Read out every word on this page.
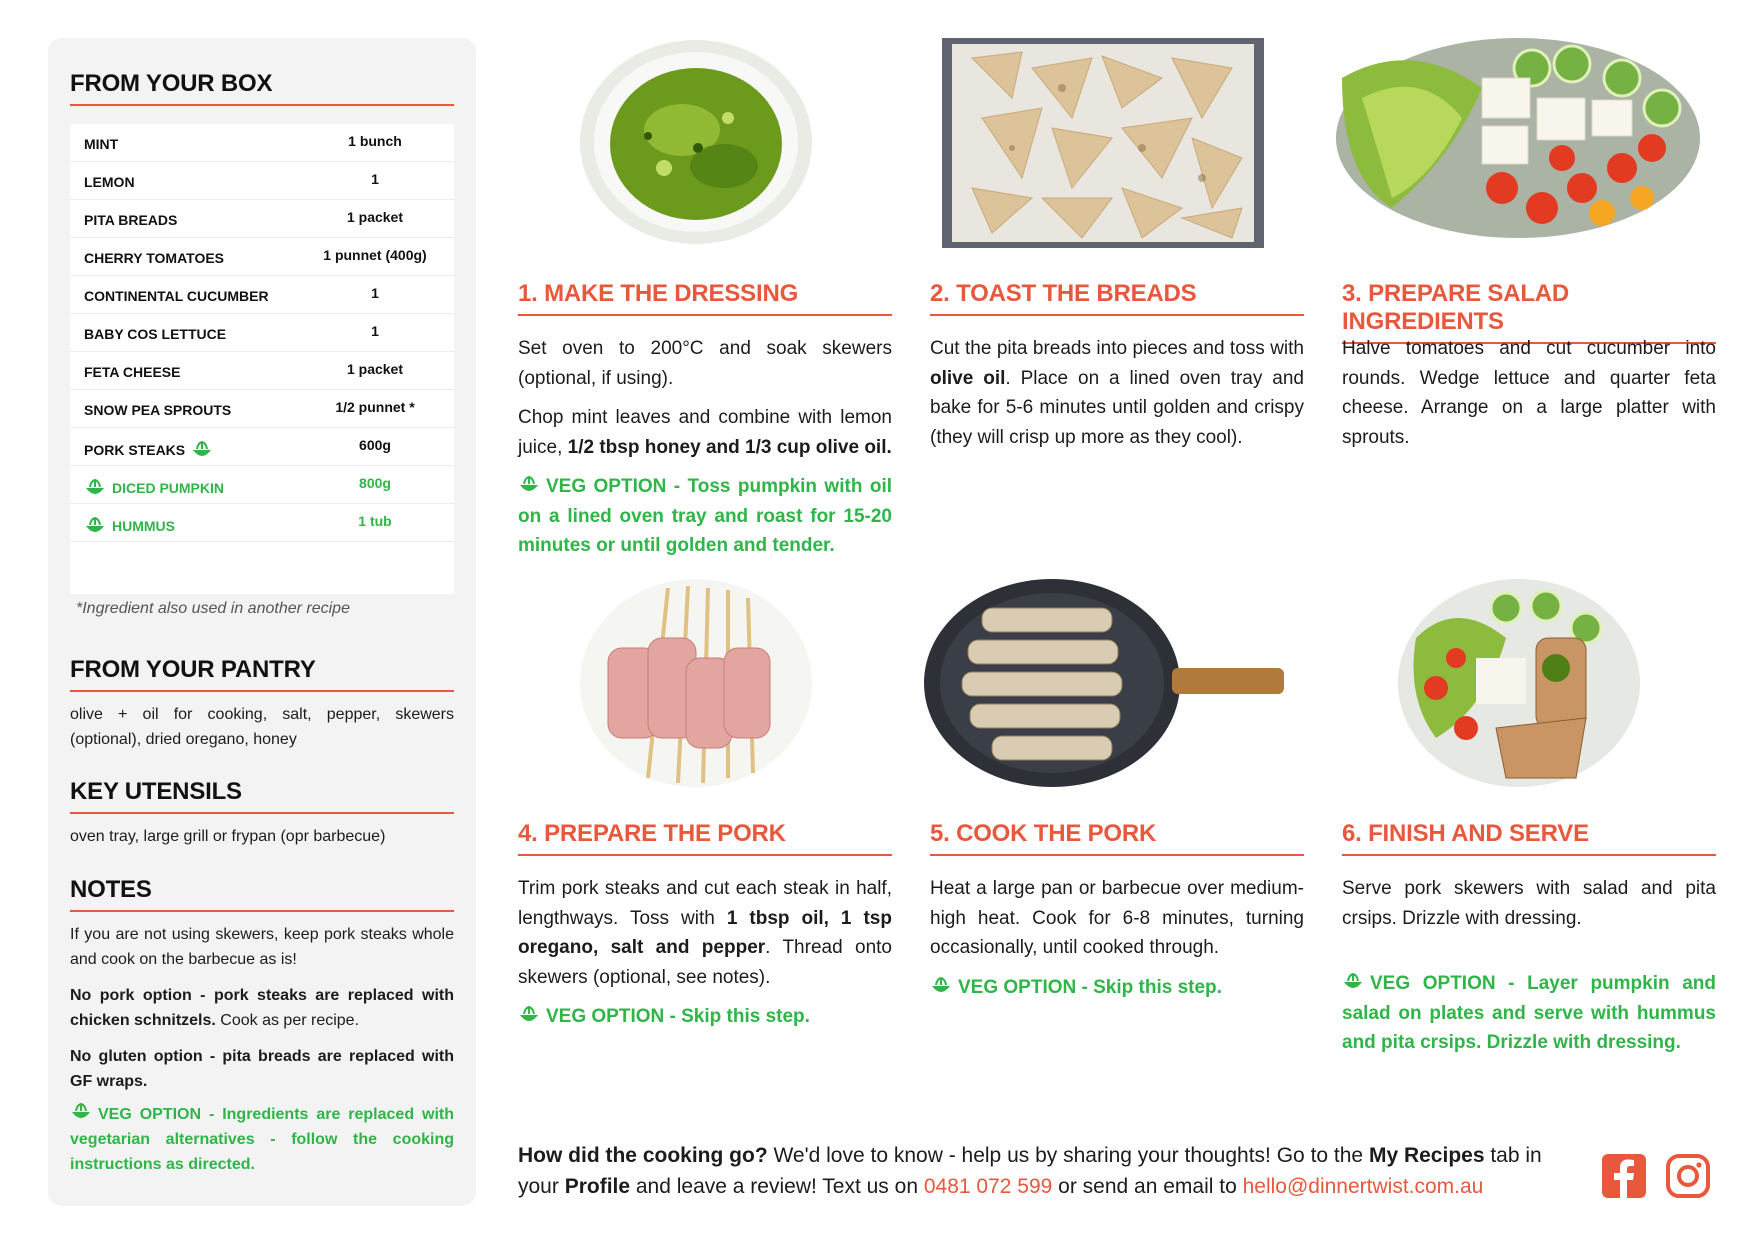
FROM YOUR BOX
MINT	1 bunch
LEMON	1
PITA BREADS	1 packet
CHERRY TOMATOES	1 punnet (400g)
CONTINENTAL CUCUMBER	1
BABY COS LETTUCE	1
FETA CHEESE	1 packet
SNOW PEA SPROUTS	1/2 punnet *
PORK STEAKS	600g
DICED PUMPKIN	800g
HUMMUS	1 tub
*Ingredient also used in another recipe
FROM YOUR PANTRY
olive + oil for cooking, salt, pepper, skewers (optional), dried oregano, honey
KEY UTENSILS
oven tray, large grill or frypan (opr barbecue)
NOTES
If you are not using skewers, keep pork steaks whole and cook on the barbecue as is!
No pork option - pork steaks are replaced with chicken schnitzels. Cook as per recipe.
No gluten option - pita breads are replaced with GF wraps.
VEG OPTION - Ingredients are replaced with vegetarian alternatives - follow the cooking instructions as directed.
1. MAKE THE DRESSING

Set oven to 200°C and soak skewers (optional, if using).

Chop mint leaves and combine with lemon juice, 1/2 tbsp honey and 1/3 cup olive oil.

VEG OPTION - Toss pumpkin with oil on a lined oven tray and roast for 15-20 minutes or until golden and tender.

2. TOAST THE BREADS

Cut the pita breads into pieces and toss with olive oil. Place on a lined oven tray and bake for 5-6 minutes until golden and crispy (they will crisp up more as they cool).

3. PREPARE SALAD INGREDIENTS

Halve tomatoes and cut cucumber into rounds. Wedge lettuce and quarter feta cheese. Arrange on a large platter with sprouts.

4. PREPARE THE PORK

Trim pork steaks and cut each steak in half, lengthways. Toss with 1 tbsp oil, 1 tsp oregano, salt and pepper. Thread onto skewers (optional, see notes).

VEG OPTION - Skip this step.

5. COOK THE PORK

Heat a large pan or barbecue over medium-high heat. Cook for 6-8 minutes, turning occasionally, until cooked through.

VEG OPTION - Skip this step.

6. FINISH AND SERVE

Serve pork skewers with salad and pita crsips. Drizzle with dressing.

VEG OPTION - Layer pumpkin and salad on plates and serve with hummus and pita crsips. Drizzle with dressing.

How did the cooking go? We'd love to know - help us by sharing your thoughts! Go to the My Recipes tab in your Profile and leave a review! Text us on 0481 072 599 or send an email to hello@dinnertwist.com.au
